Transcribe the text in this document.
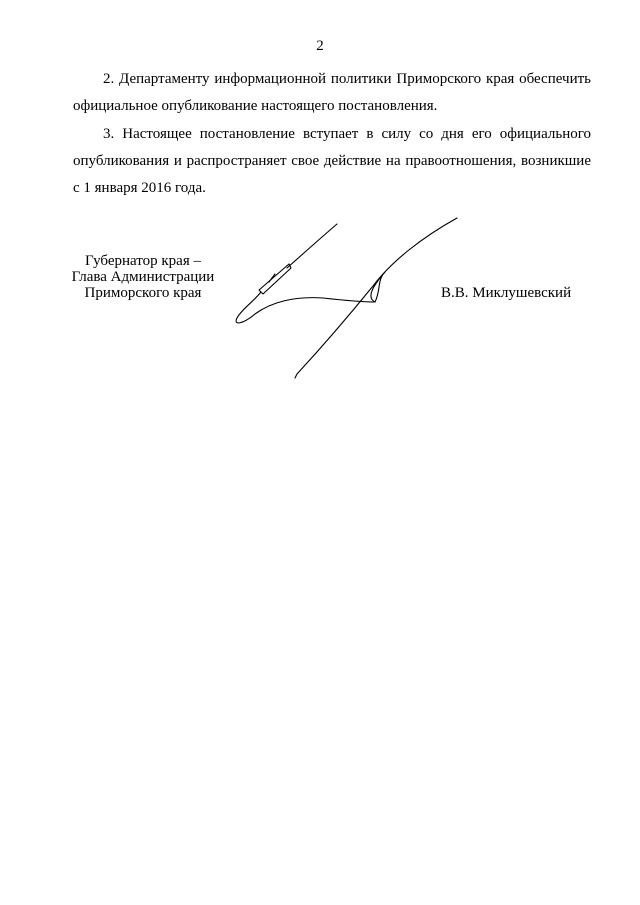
2

2. Департаменту информационной политики Приморского края обеспечить официальное опубликование настоящего постановления.

3. Настоящее постановление вступает в силу со дня его официального опубликования и распространяет свое действие на правоотношения, возникшие с 1 января 2016 года.

Губернатор края –
Глава Администрации
Приморского края	В.В. Миклушевский
